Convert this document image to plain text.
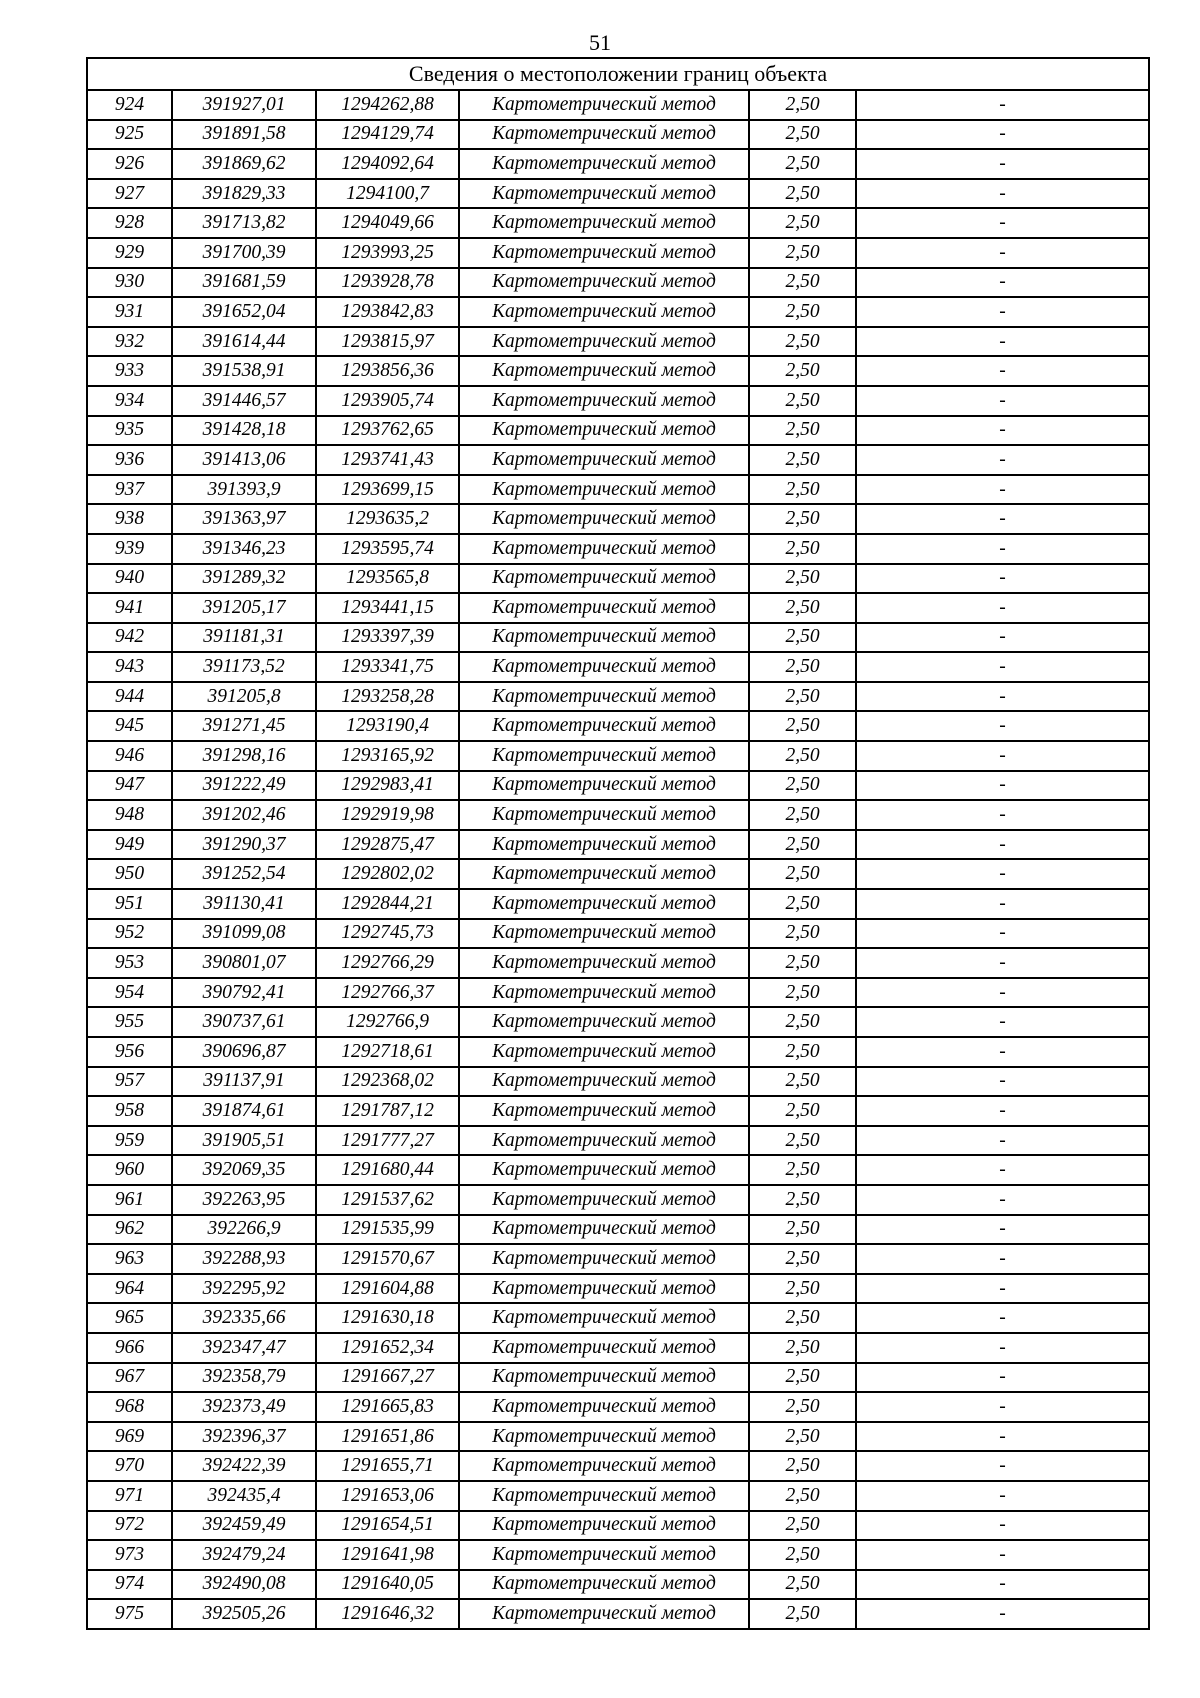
51
Сведения о местоположении границ объекта					
924	391927,01	1294262,88	Картометрический метод	2,50	-
925	391891,58	1294129,74	Картометрический метод	2,50	-
926	391869,62	1294092,64	Картометрический метод	2,50	-
927	391829,33	1294100,7	Картометрический метод	2,50	-
928	391713,82	1294049,66	Картометрический метод	2,50	-
929	391700,39	1293993,25	Картометрический метод	2,50	-
930	391681,59	1293928,78	Картометрический метод	2,50	-
931	391652,04	1293842,83	Картометрический метод	2,50	-
932	391614,44	1293815,97	Картометрический метод	2,50	-
933	391538,91	1293856,36	Картометрический метод	2,50	-
934	391446,57	1293905,74	Картометрический метод	2,50	-
935	391428,18	1293762,65	Картометрический метод	2,50	-
936	391413,06	1293741,43	Картометрический метод	2,50	-
937	391393,9	1293699,15	Картометрический метод	2,50	-
938	391363,97	1293635,2	Картометрический метод	2,50	-
939	391346,23	1293595,74	Картометрический метод	2,50	-
940	391289,32	1293565,8	Картометрический метод	2,50	-
941	391205,17	1293441,15	Картометрический метод	2,50	-
942	391181,31	1293397,39	Картометрический метод	2,50	-
943	391173,52	1293341,75	Картометрический метод	2,50	-
944	391205,8	1293258,28	Картометрический метод	2,50	-
945	391271,45	1293190,4	Картометрический метод	2,50	-
946	391298,16	1293165,92	Картометрический метод	2,50	-
947	391222,49	1292983,41	Картометрический метод	2,50	-
948	391202,46	1292919,98	Картометрический метод	2,50	-
949	391290,37	1292875,47	Картометрический метод	2,50	-
950	391252,54	1292802,02	Картометрический метод	2,50	-
951	391130,41	1292844,21	Картометрический метод	2,50	-
952	391099,08	1292745,73	Картометрический метод	2,50	-
953	390801,07	1292766,29	Картометрический метод	2,50	-
954	390792,41	1292766,37	Картометрический метод	2,50	-
955	390737,61	1292766,9	Картометрический метод	2,50	-
956	390696,87	1292718,61	Картометрический метод	2,50	-
957	391137,91	1292368,02	Картометрический метод	2,50	-
958	391874,61	1291787,12	Картометрический метод	2,50	-
959	391905,51	1291777,27	Картометрический метод	2,50	-
960	392069,35	1291680,44	Картометрический метод	2,50	-
961	392263,95	1291537,62	Картометрический метод	2,50	-
962	392266,9	1291535,99	Картометрический метод	2,50	-
963	392288,93	1291570,67	Картометрический метод	2,50	-
964	392295,92	1291604,88	Картометрический метод	2,50	-
965	392335,66	1291630,18	Картометрический метод	2,50	-
966	392347,47	1291652,34	Картометрический метод	2,50	-
967	392358,79	1291667,27	Картометрический метод	2,50	-
968	392373,49	1291665,83	Картометрический метод	2,50	-
969	392396,37	1291651,86	Картометрический метод	2,50	-
970	392422,39	1291655,71	Картометрический метод	2,50	-
971	392435,4	1291653,06	Картометрический метод	2,50	-
972	392459,49	1291654,51	Картометрический метод	2,50	-
973	392479,24	1291641,98	Картометрический метод	2,50	-
974	392490,08	1291640,05	Картометрический метод	2,50	-
975	392505,26	1291646,32	Картометрический метод	2,50	-
